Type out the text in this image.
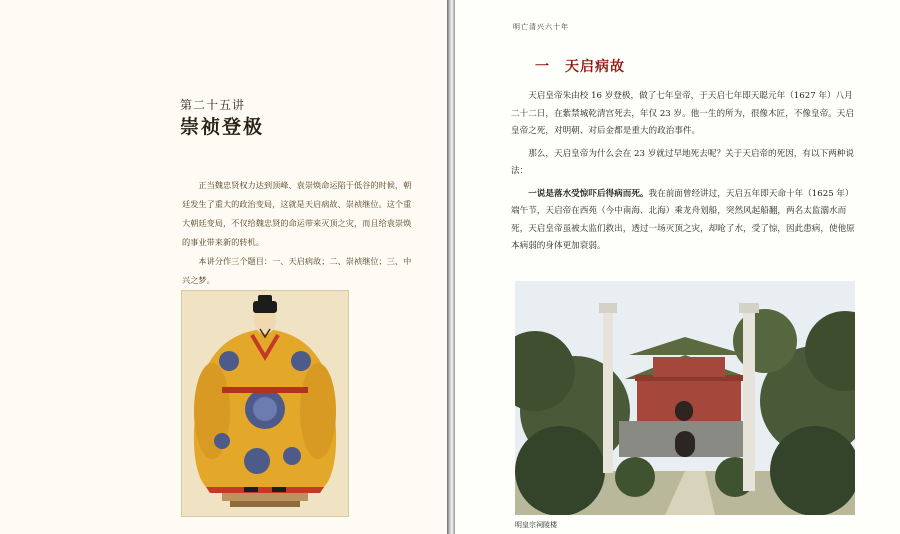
第二十五讲
崇祯登极

正当魏忠贤权力达到顶峰、袁崇焕命运陷于低谷的时候，朝廷发生了重大的政治变局，这就是天启病故、崇祯继位。这个重大朝廷变局，不仅给魏忠贤的命运带来灭顶之灾，而且给袁崇焕的事业带来新的转机。

本讲分作三个题目：一、天启病故；二、崇祯继位；三、中兴之梦。

明亡清兴六十年
一　天启病故

天启皇帝朱由校 16 岁登极，做了七年皇帝，于天启七年即天聪元年（1627 年）八月二十二日，在紫禁城乾清宫死去，年仅 23 岁。他一生的所为，很像木匠，不像皇帝。天启皇帝之死，对明朝、对后金都是重大的政治事件。

那么，天启皇帝为什么会在 23 岁就过早地死去呢？关于天启帝的死因，有以下两种说法：

一说是落水受惊吓后得病而死。我在前面曾经讲过，天启五年即天命十年（1625 年）端午节，天启帝在西苑（今中南海、北海）乘龙舟划船，突然风起船翻，两名太监溺水而死，天启皇帝虽被太监们救出，透过一场灭顶之灾，却呛了水，受了惊，因此患病，使他原本病弱的身体更加衰弱。

明皇宗祠陵楼
